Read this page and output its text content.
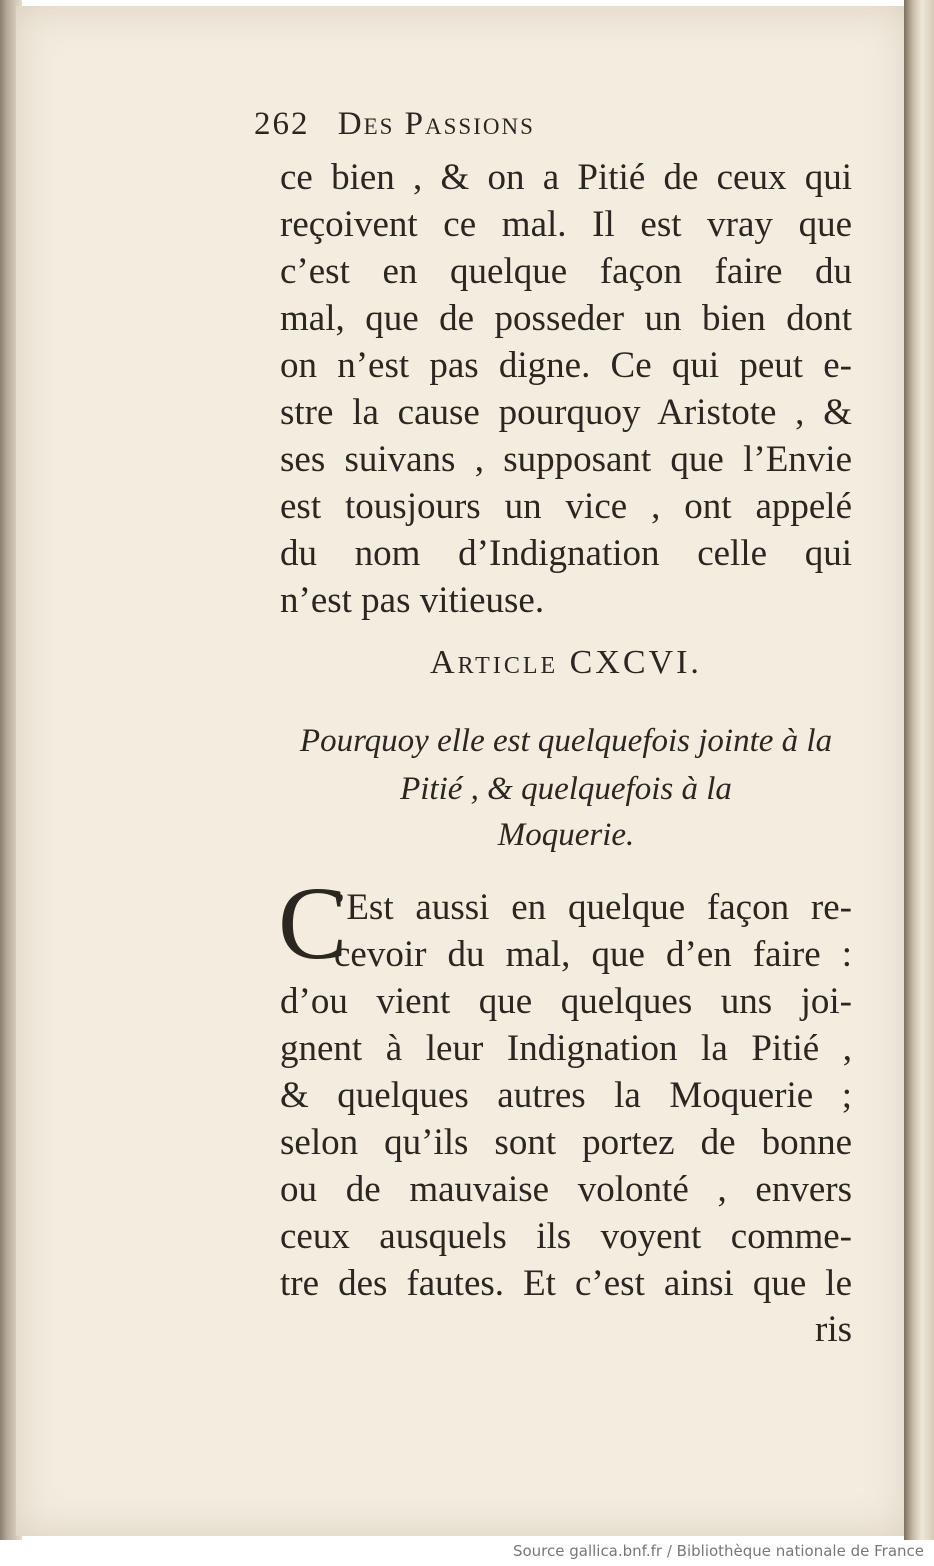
262 Des Passions
ce bien , & on a Pitié de ceux qui
reçoivent ce mal. Il est vray que
c’est en quelque façon faire du
mal, que de posseder un bien dont
on n’est pas digne. Ce qui peut e-
stre la cause pourquoy Aristote , &
ses suivans , supposant que l’Envie
est tousjours un vice , ont appelé
du nom d’Indignation celle qui
n’est pas vitieuse.
Article CXCVI.
Pourquoy elle est quelquefois jointe à la
Pitié , & quelquefois à la
Moquerie.
C
’Est aussi en quelque façon re-
cevoir du mal, que d’en faire :
d’ou vient que quelques uns joi-
gnent à leur Indignation la Pitié ,
& quelques autres la Moquerie ;
selon qu’ils sont portez de bonne
ou de mauvaise volonté , envers
ceux ausquels ils voyent comme-
tre des fautes. Et c’est ainsi que le
ris
Source gallica.bnf.fr / Bibliothèque nationale de France
